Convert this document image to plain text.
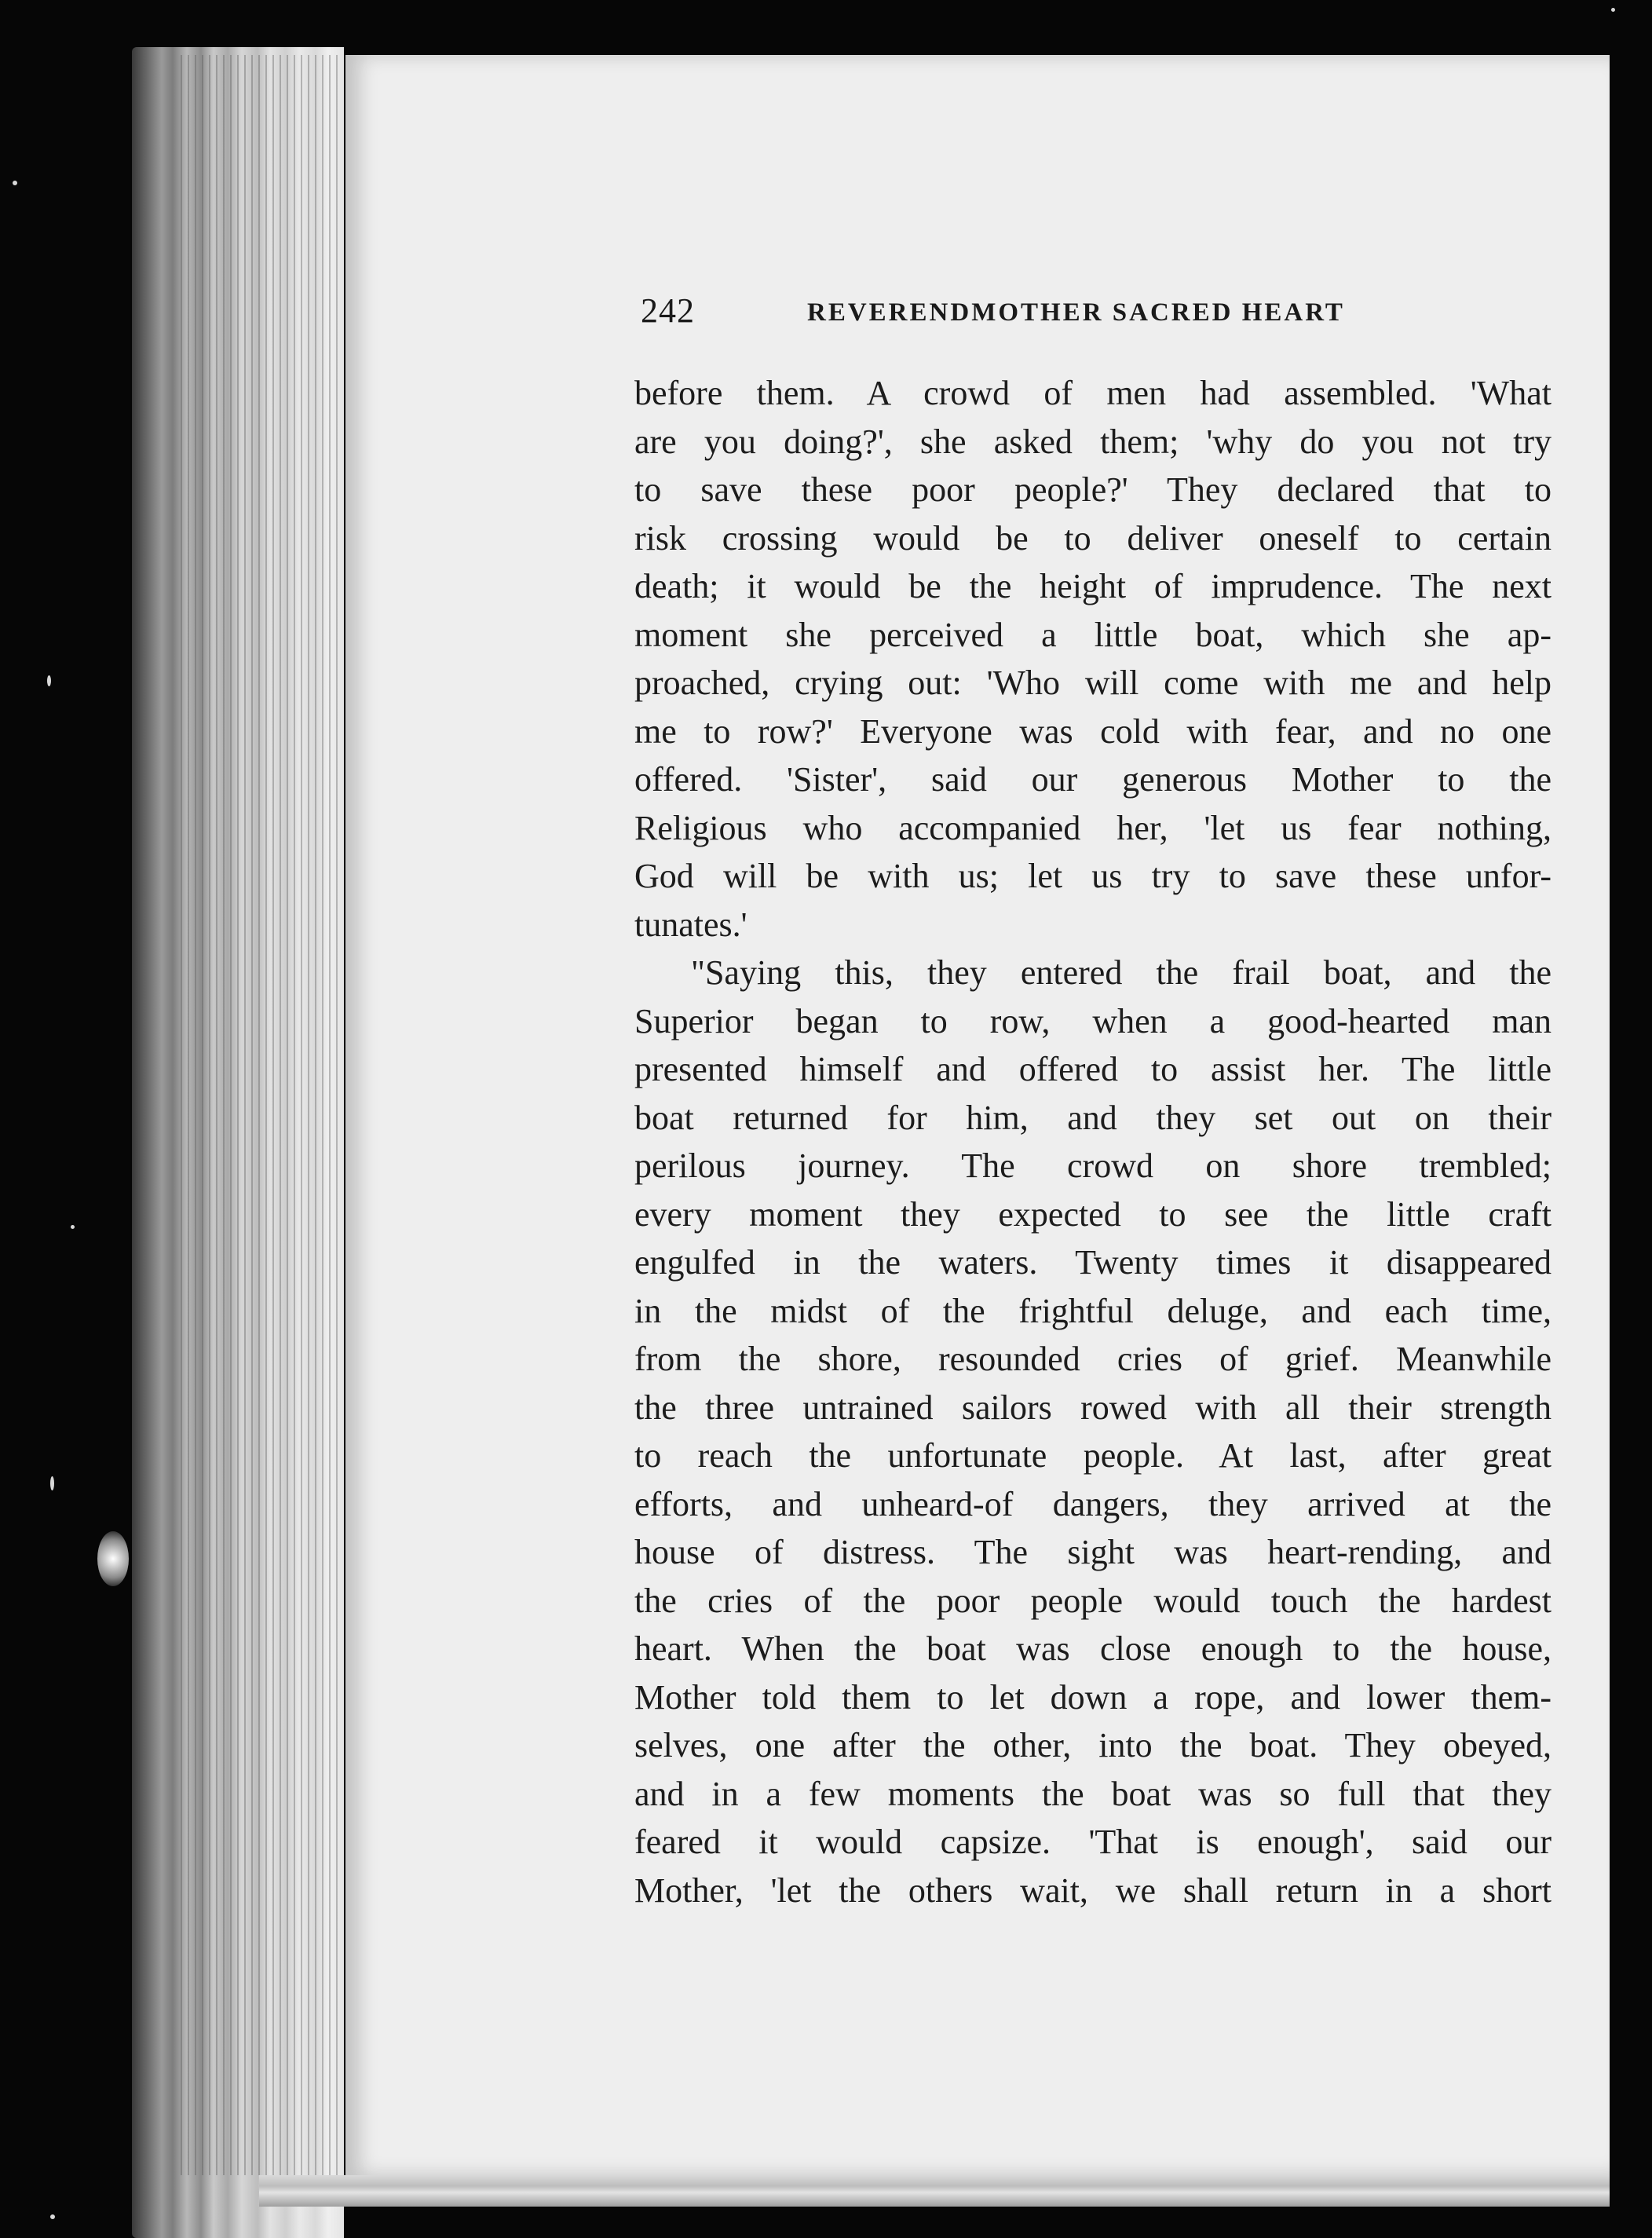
242	REVERENDMOTHER SACRED HEART
before them. A crowd of men had assembled. 'What
are you doing?', she asked them; 'why do you not try
to save these poor people?' They declared that to
risk crossing would be to deliver oneself to certain
death; it would be the height of imprudence. The next
moment she perceived a little boat, which she ap-
proached, crying out: 'Who will come with me and help
me to row?' Everyone was cold with fear, and no one
offered. 'Sister', said our generous Mother to the
Religious who accompanied her, 'let us fear nothing,
God will be with us; let us try to save these unfor-
tunates.'
"Saying this, they entered the frail boat, and the
Superior began to row, when a good-hearted man
presented himself and offered to assist her. The little
boat returned for him, and they set out on their
perilous journey. The crowd on shore trembled;
every moment they expected to see the little craft
engulfed in the waters. Twenty times it disappeared
in the midst of the frightful deluge, and each time,
from the shore, resounded cries of grief. Meanwhile
the three untrained sailors rowed with all their strength
to reach the unfortunate people. At last, after great
efforts, and unheard-of dangers, they arrived at the
house of distress. The sight was heart-rending, and
the cries of the poor people would touch the hardest
heart. When the boat was close enough to the house,
Mother told them to let down a rope, and lower them-
selves, one after the other, into the boat. They obeyed,
and in a few moments the boat was so full that they
feared it would capsize. 'That is enough', said our
Mother, 'let the others wait, we shall return in a short
